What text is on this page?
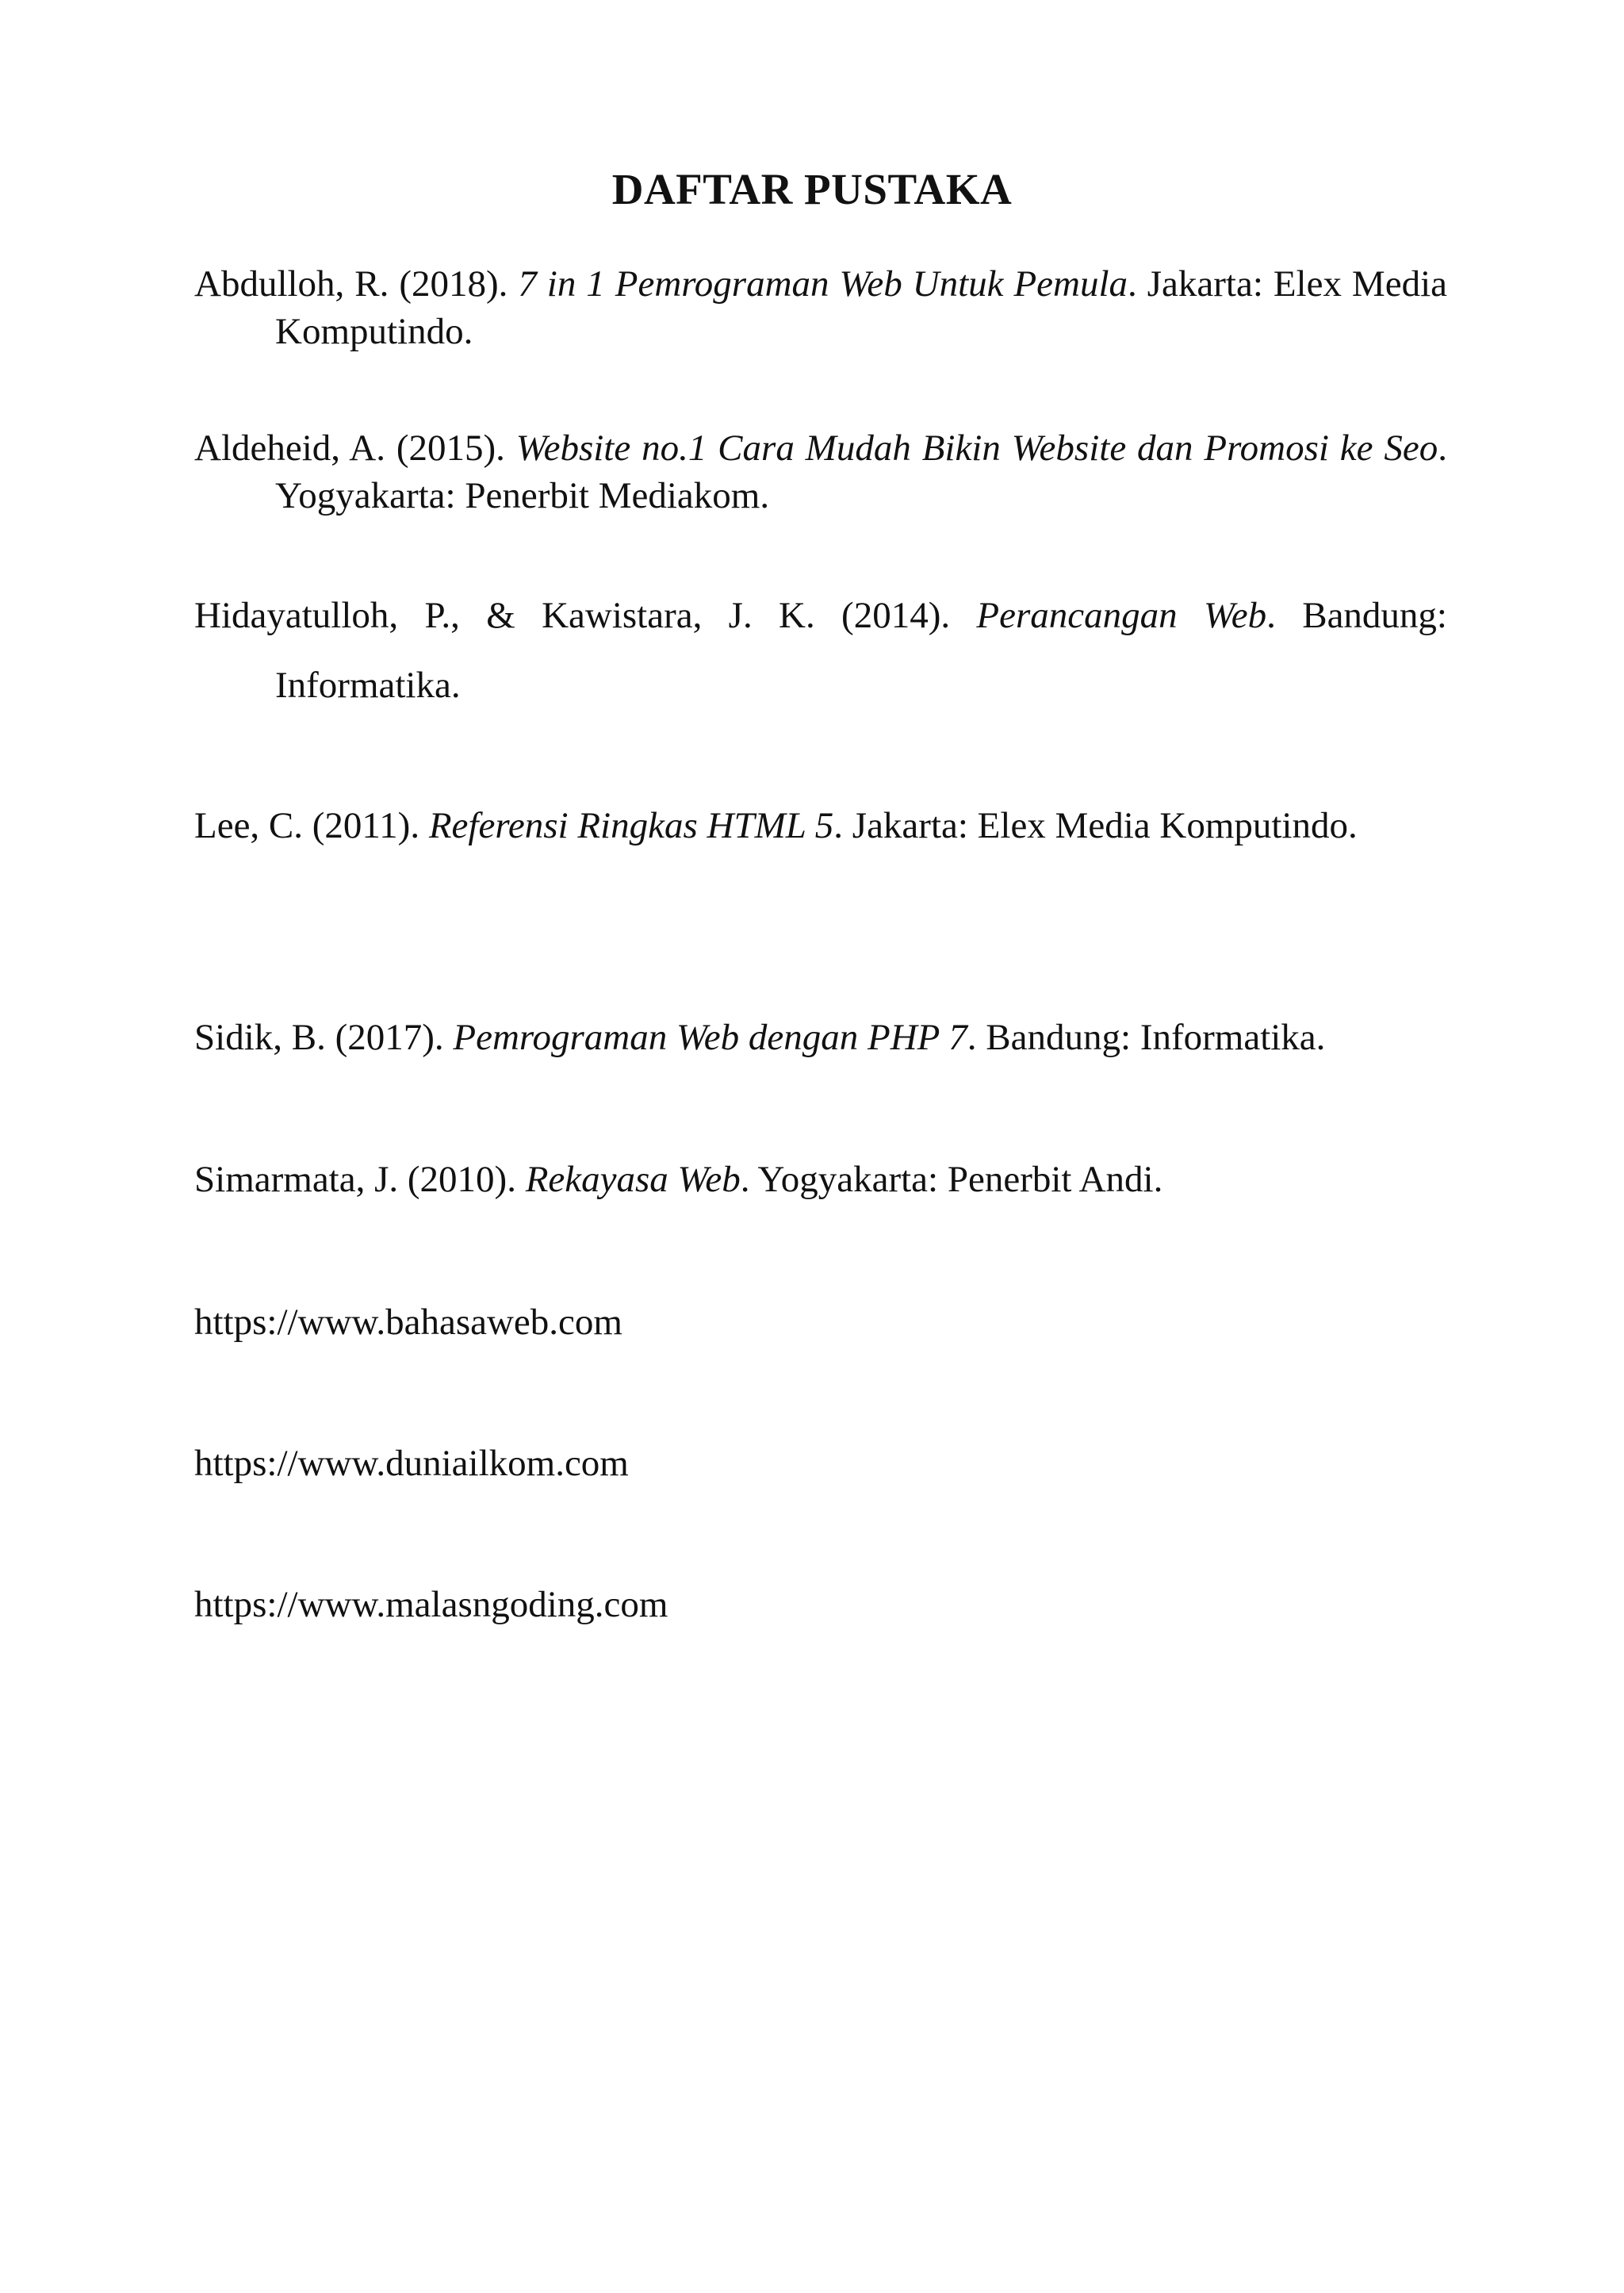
DAFTAR PUSTAKA

Abdulloh, R. (2018). 7 in 1 Pemrograman Web Untuk Pemula. Jakarta: Elex Media Komputindo.

Aldeheid, A. (2015). Website no.1 Cara Mudah Bikin Website dan Promosi ke Seo. Yogyakarta: Penerbit Mediakom.

Hidayatulloh, P., & Kawistara, J. K. (2014). Perancangan Web. Bandung: Informatika.

Lee, C. (2011). Referensi Ringkas HTML 5. Jakarta: Elex Media Komputindo.

Sidik, B. (2017). Pemrograman Web dengan PHP 7. Bandung: Informatika.

Simarmata, J. (2010). Rekayasa Web. Yogyakarta: Penerbit Andi.

https://www.bahasaweb.com

https://www.duniailkom.com

https://www.malasngoding.com
